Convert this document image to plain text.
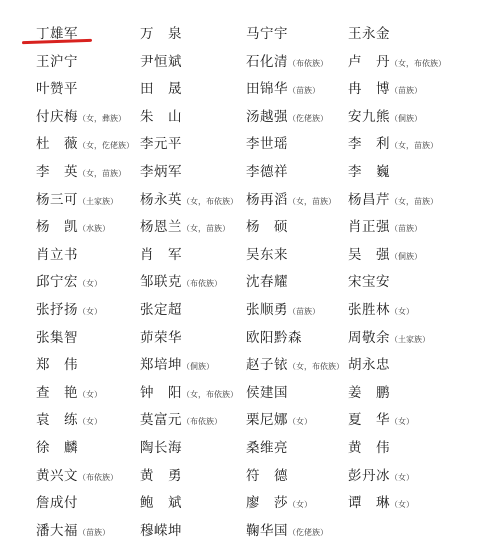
丁雄军	万　泉	马宁宇	王永金
王沪宁	尹恒斌	石化清（布依族） 卢　丹（女，布依族）
叶赞平	田　晟	田锦华（苗族） 冉　博（苗族）
付庆梅（女，彝族） 朱　山	汤越强（仡佬族） 安九熊（侗族）
杜　薇（女，仡佬族） 李元平	李世瑶	李　利（女，苗族）
李　英（女，苗族） 李炳军	李德祥	李　巍
杨三可（土家族） 杨永英（女，布依族） 杨再滔（女，苗族） 杨昌芹（女，苗族）
杨　凯（水族） 杨恩兰（女，苗族） 杨　硕	肖正强（苗族）
肖立书	肖　军	吴东来	吴　强（侗族）
邱宁宏（女）	邹联克（布依族） 沈春耀	宋宝安
张抒扬（女）	张定超	张顺勇（苗族） 张胜林（女）
张集智	茆荣华	欧阳黔森	周敬余（土家族）
郑　伟	郑培坤（侗族） 赵子铱（女，布依族） 胡永忠
查　艳（女）	钟　阳（女，布依族） 侯建国	姜　鹏
袁　练（女）	莫富元（布依族） 栗尼娜（女）	夏　华（女）
徐　麟	陶长海	桑维亮	黄　伟
黄兴文（布依族） 黄　勇	符　德	彭丹冰（女）
詹成付	鲍　斌	廖　莎（女）	谭　琳（女）
潘大福（苗族） 穆嵘坤	鞠华国（仡佬族）
